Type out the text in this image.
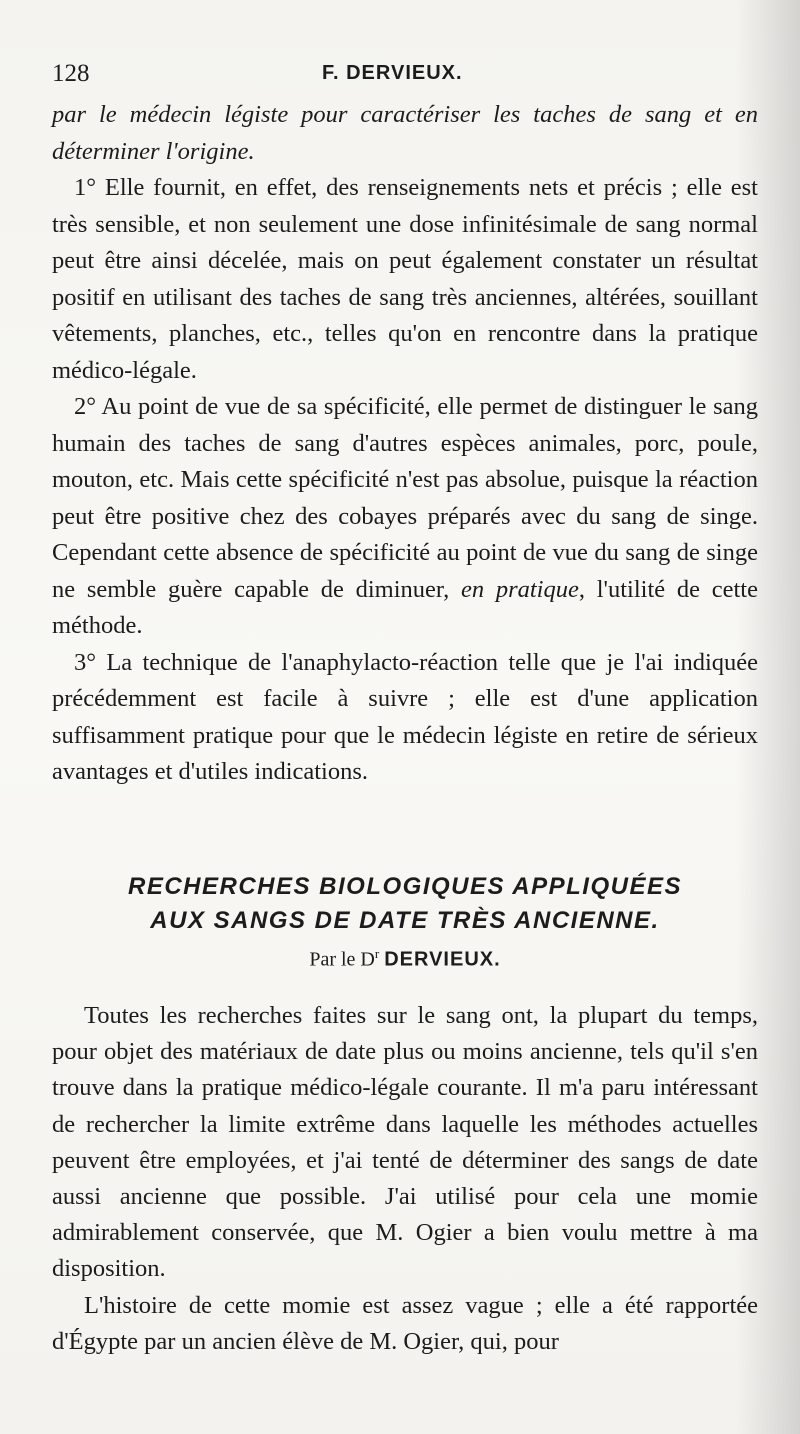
128	F. DERVIEUX.

par le médecin légiste pour caractériser les taches de sang et en déterminer l'origine.

1° Elle fournit, en effet, des renseignements nets et précis ; elle est très sensible, et non seulement une dose infinitésimale de sang normal peut être ainsi décelée, mais on peut également constater un résultat positif en utilisant des taches de sang très anciennes, altérées, souillant vêtements, planches, etc., telles qu'on en rencontre dans la pratique médico-légale.

2° Au point de vue de sa spécificité, elle permet de distinguer le sang humain des taches de sang d'autres espèces animales, porc, poule, mouton, etc. Mais cette spécificité n'est pas absolue, puisque la réaction peut être positive chez des cobayes préparés avec du sang de singe. Cependant cette absence de spécificité au point de vue du sang de singe ne semble guère capable de diminuer, en pratique, l'utilité de cette méthode.

3° La technique de l'anaphylacto-réaction telle que je l'ai indiquée précédemment est facile à suivre ; elle est d'une application suffisamment pratique pour que le médecin légiste en retire de sérieux avantages et d'utiles indications.

RECHERCHES BIOLOGIQUES APPLIQUÉES
AUX SANGS DE DATE TRÈS ANCIENNE.
Par le $D^r$ DERVIEUX.

Toutes les recherches faites sur le sang ont, la plupart du temps, pour objet des matériaux de date plus ou moins ancienne, tels qu'il s'en trouve dans la pratique médico-légale courante. Il m'a paru intéressant de rechercher la limite extrême dans laquelle les méthodes actuelles peuvent être employées, et j'ai tenté de déterminer des sangs de date aussi ancienne que possible. J'ai utilisé pour cela une momie admirablement conservée, que M. Ogier a bien voulu mettre à ma disposition.

L'histoire de cette momie est assez vague ; elle a été rapportée d'Égypte par un ancien élève de M. Ogier, qui, pour
